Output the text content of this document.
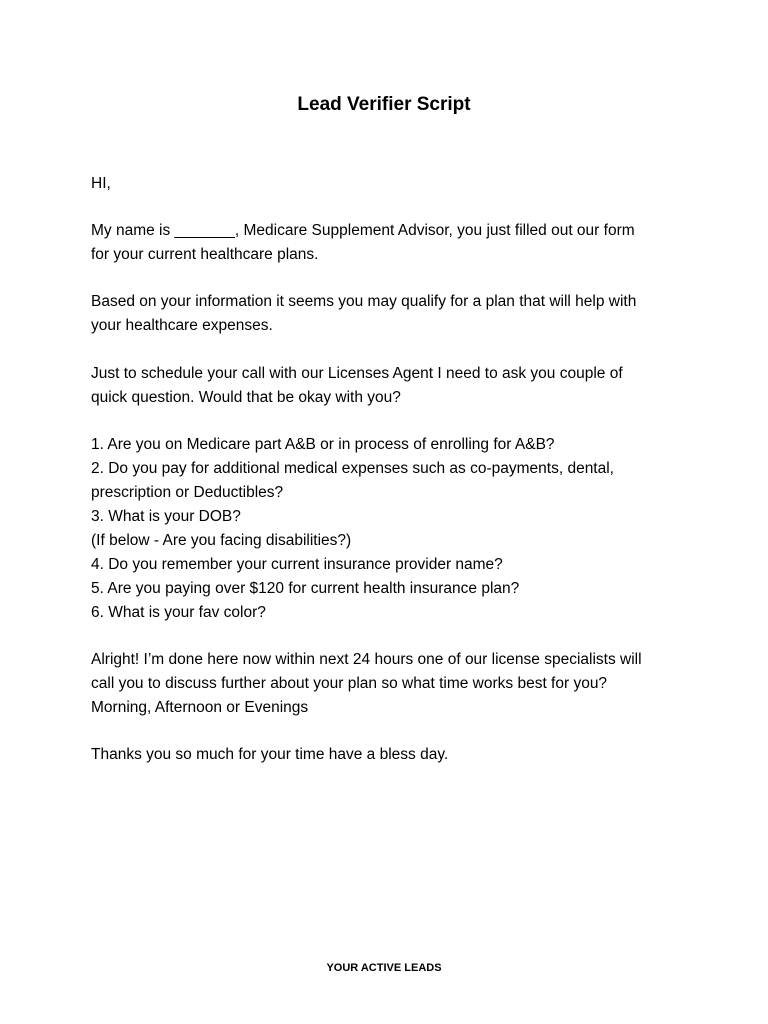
Lead Verifier Script

HI,

My name is _______, Medicare Supplement Advisor, you just filled out our form
for your current healthcare plans.

Based on your information it seems you may qualify for a plan that will help with
your healthcare expenses.

Just to schedule your call with our Licenses Agent I need to ask you couple of
quick question. Would that be okay with you?

1. Are you on Medicare part A&B or in process of enrolling for A&B?
2. Do you pay for additional medical expenses such as co-payments, dental,
prescription or Deductibles?
3. What is your DOB?
(If below - Are you facing disabilities?)
4. Do you remember your current insurance provider name?
5. Are you paying over $120 for current health insurance plan?
6. What is your fav color?

Alright! I’m done here now within next 24 hours one of our license specialists will
call you to discuss further about your plan so what time works best for you?
Morning, Afternoon or Evenings

Thanks you so much for your time have a bless day.

YOUR ACTIVE LEADS
